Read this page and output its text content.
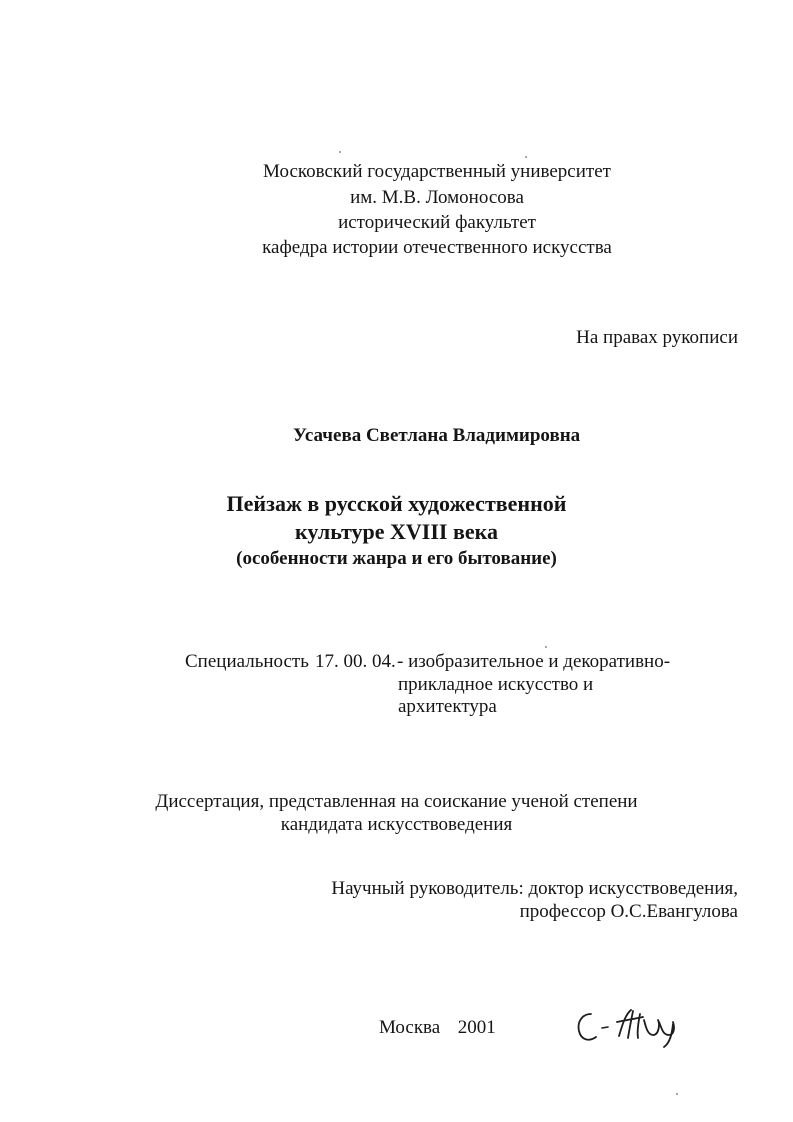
Московский государственный университет
им. М.В. Ломоносова
исторический факультет
кафедра истории отечественного искусства
На правах рукописи
Усачева Светлана Владимировна
Пейзаж в русской художественной
культуре XVIII века
(особенности жанра и его бытование)
Специальность 17. 00. 04. - изобразительное и декоративно-
прикладное искусство и
архитектура
Диссертация, представленная на соискание ученой степени
кандидата искусствоведения
Научный руководитель: доктор искусствоведения,
профессор О.С.Евангулова
Москва 2001
